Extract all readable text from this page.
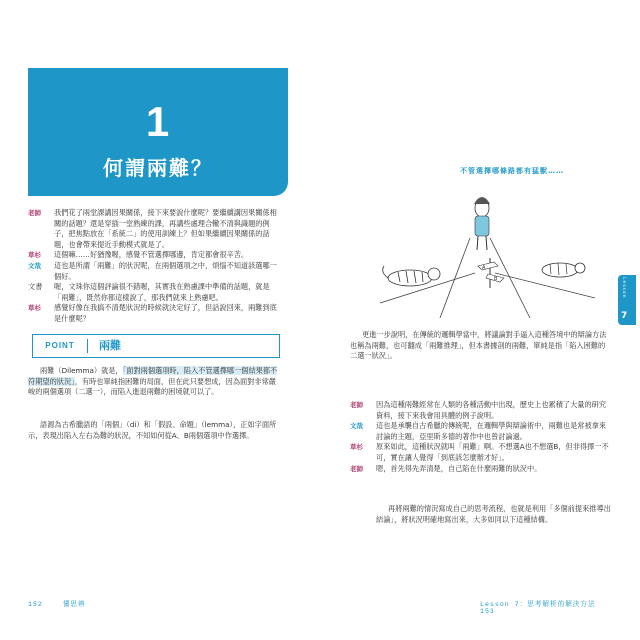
1
何謂兩難？
老師	我們花了兩堂課講因果關係，接下來要說什麼呢？要繼續講因果關係相關的話題？還是穿插一堂熟練的課，再講些處理合轍不清與識題的例子，把焦點放在「系統二」的使用訓練上？但如果繼續因果關係的話題，也會帶來提近手動模式就是了。
草杉	這個嘛……好猶豫喔，感覺不管選擇哪邊，肯定都會很辛苦。
文哉	這也是所謂「兩難」的狀況呢，在兩個選項之中，煩惱不知道該選哪一個好。
文書	喔，文珠你這個評論很不錯喔，其實我在熟慮課中準備的話題，就是「兩難」，既然你都這樣說了，那我們就來上熟慮吧。
草杉	感覺好像在我搞不清楚狀況的時候就決定好了，但話說回來，兩難到底是什麼呢？
POINT	兩難
兩難（Dilemma）就是，「面對兩個選項時，陷入不管選擇哪一個結果都不符期望的狀況」，有時也單純指困難的局面，但在此只要想成，因為面對非常嚴峻的兩個選項（二選一），而陷入進退兩難的困境就可以了。
語源為古希臘語的「兩個」（di）和「假設、命題」（lemma），正如字面所示，表現出陷入左右為難的狀況，不知如何從A、B兩個選項中作選擇。
152	懂思辨
不管選擇哪條路都有猛獸……
A
B
更進一步說明，在傳統的邏輯學當中，將議論對手逼入這種答境中的辯論方法也稱為兩難，也可翻成「兩難推理」，但本書據剖的兩難，單純是指「陷入困難的二選一狀況」。
老師	因為這種兩難經常在人類的各種活動中出現，歷史上也累積了大量的研究資料，接下來我會用具體的例子說明。
文哉	這也是承襲自古希臘的傳統呢，在邏輯學與辯論術中，兩難也是常被拿來討論的主題，亞里斯多德的著作中也曾討論過。
草杉	原來如此，這種狀況就叫「兩難」啊。不想選A也不想選B，但非得擇一不可，實在讓人覺得「到底該怎麼辦才好」。
老師	嗯，首先得先弄清楚，自己陷在什麼兩難的狀況中。
再將兩難的情況寫成自己的思考流程，也就是利用「多個前提來推導出結論」，將狀況明確地寫出來，大多如同以下這種結構。
Lesson 7：思考解析的解決方法  153
Lesson
7
